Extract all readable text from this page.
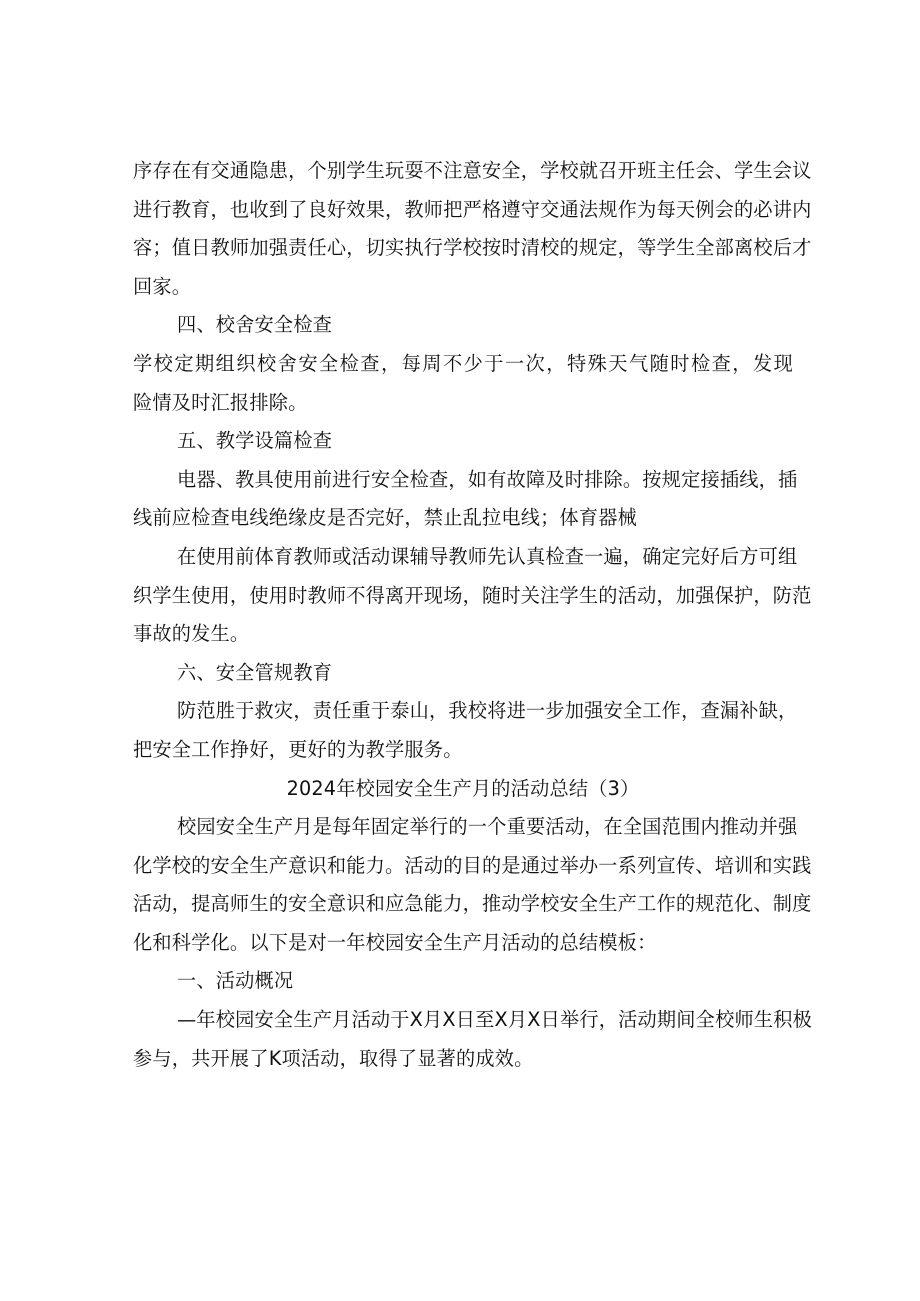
序存在有交通隐患，个别学生玩耍不注意安全，学校就召开班主任会、学生会议
进行教育，也收到了良好效果，教师把严格遵守交通法规作为每天例会的必讲内
容；值日教师加强责任心，切实执行学校按时清校的规定，等学生全部离校后才
回家。

四、校舍安全检查

学校定期组织校舍安全检查，每周不少于一次，特殊天气随时检查，发现
险情及时汇报排除。

五、教学设篇检查

电器、教具使用前进行安全检查，如有故障及时排除。按规定接插线，插
线前应检查电线绝缘皮是否完好，禁止乱拉电线；体育器械

在使用前体育教师或活动课辅导教师先认真检查一遍，确定完好后方可组
织学生使用，使用时教师不得离开现场，随时关注学生的活动，加强保护，防范
事故的发生。

六、安全管规教育

防范胜于救灾，责任重于泰山，我校将进一步加强安全工作，查漏补缺，
把安全工作挣好，更好的为教学服务。

2024年校园安全生产月的活动总结（3）

校园安全生产月是每年固定举行的一个重要活动，在全国范围内推动并强
化学校的安全生产意识和能力。活动的目的是通过举办一系列宣传、培训和实践
活动，提高师生的安全意识和应急能力，推动学校安全生产工作的规范化、制度
化和科学化。以下是对一年校园安全生产月活动的总结模板：

一、活动概况

—年校园安全生产月活动于X月X日至X月X日举行，活动期间全校师生积极
参与，共开展了K项活动，取得了显著的成效。
